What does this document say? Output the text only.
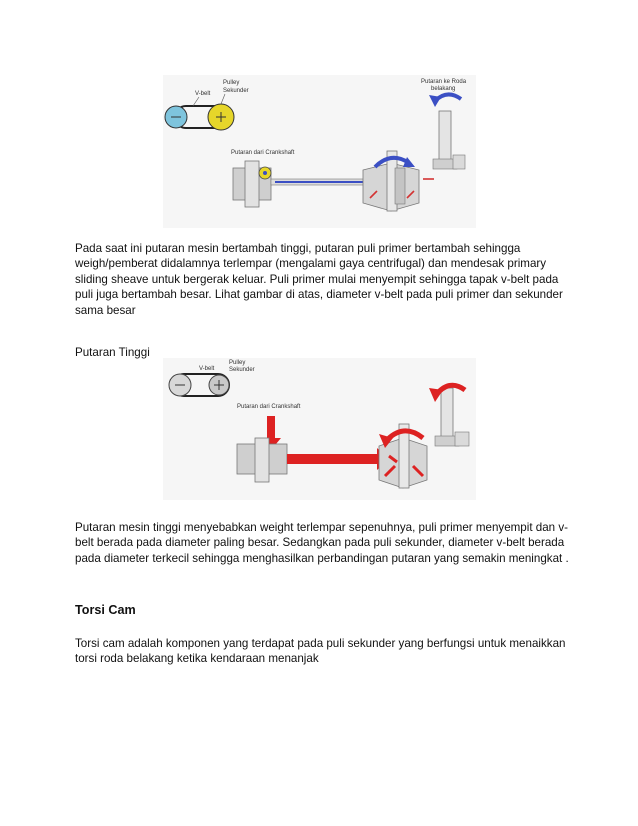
V-belt
Pulley
Sekunder
Putaran dari Crankshaft
Putaran ke Roda
belakang

Pada saat ini putaran mesin bertambah tinggi, putaran puli primer bertambah sehingga weigh/pemberat didalamnya terlempar (mengalami gaya centrifugal) dan mendesak primary sliding sheave untuk bergerak keluar. Puli primer mulai menyempit sehingga tapak v-belt pada puli juga bertambah besar. Lihat gambar di atas, diameter v-belt pada puli primer dan sekunder sama besar

Putaran Tinggi

V-belt
Pulley
Sekunder
Putaran dari Crankshaft

Putaran mesin tinggi menyebabkan weight terlempar sepenuhnya, puli primer menyempit dan v-belt berada pada diameter paling besar. Sedangkan pada puli sekunder, diameter v-belt berada pada diameter terkecil sehingga menghasilkan perbandingan putaran yang semakin meningkat .

Torsi Cam

Torsi cam adalah komponen yang terdapat pada puli sekunder yang berfungsi untuk menaikkan torsi roda belakang ketika kendaraan menanjak
